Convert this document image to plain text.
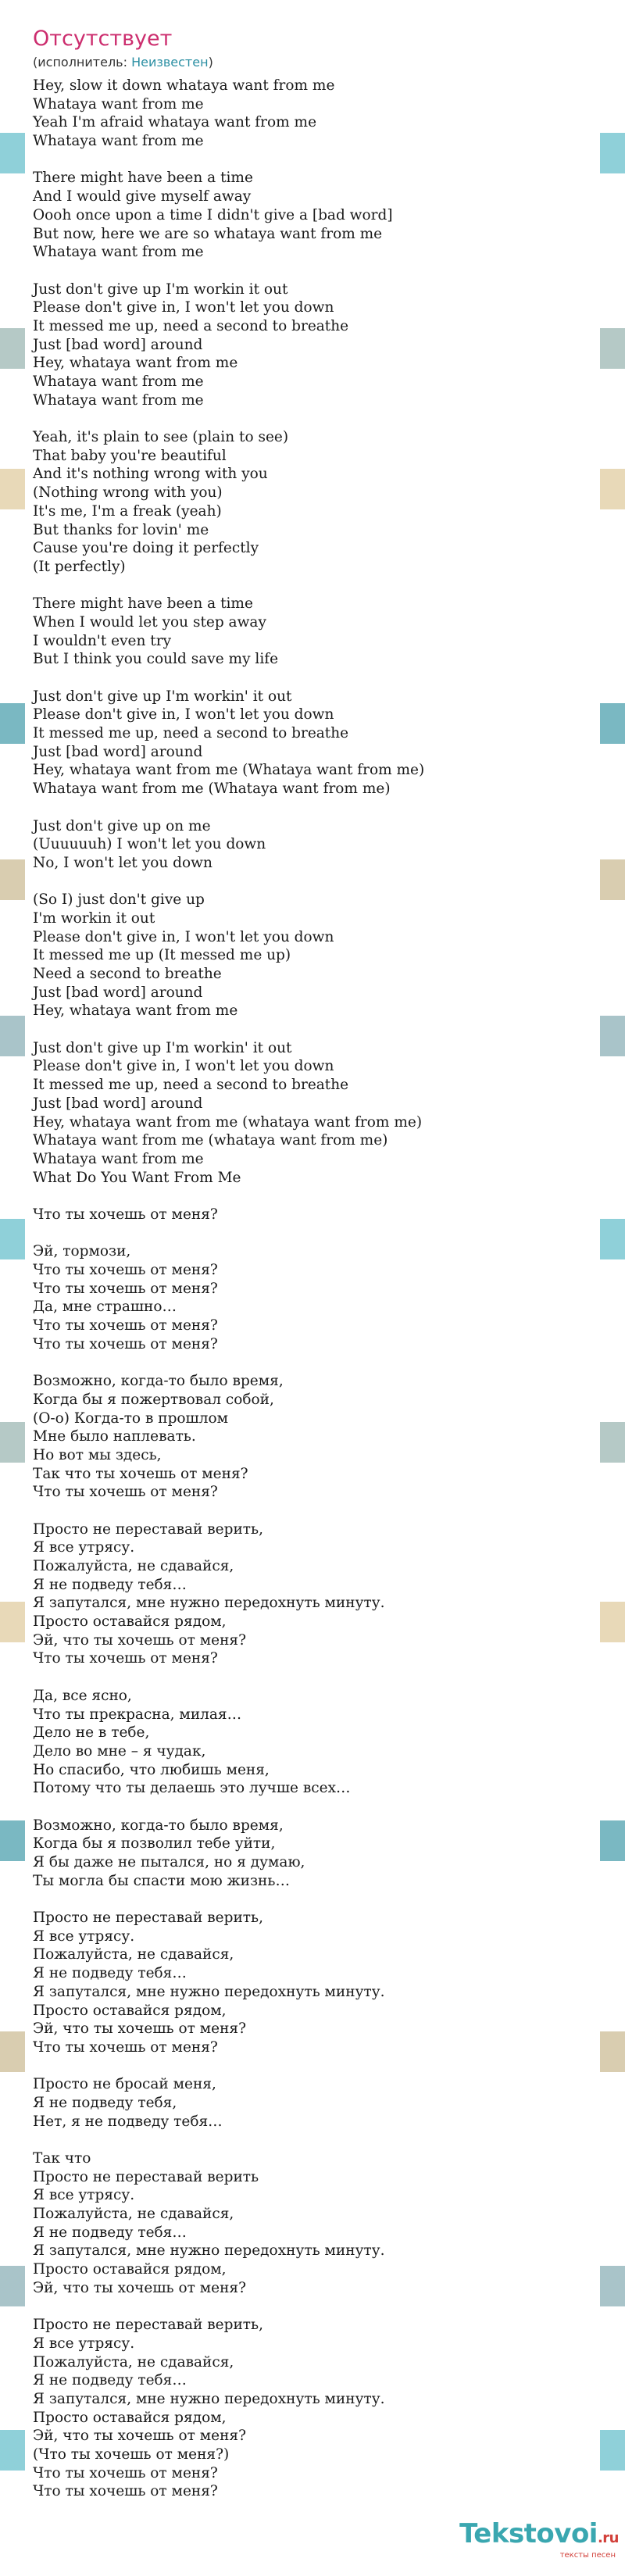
Отсутствует
(исполнитель: Неизвестен)
Hey, slow it down whataya want from me
Whataya want from me
Yeah I'm afraid whataya want from me
Whataya want from me
There might have been a time
And I would give myself away
Oooh once upon a time I didn't give a [bad word]
But now, here we are so whataya want from me
Whataya want from me
Just don't give up I'm workin it out
Please don't give in, I won't let you down
It messed me up, need a second to breathe
Just [bad word] around
Hey, whataya want from me
Whataya want from me
Whataya want from me
Yeah, it's plain to see (plain to see)
That baby you're beautiful
And it's nothing wrong with you
(Nothing wrong with you)
It's me, I'm a freak (yeah)
But thanks for lovin' me
Cause you're doing it perfectly
(It perfectly)
There might have been a time
When I would let you step away
I wouldn't even try
But I think you could save my life
Just don't give up I'm workin' it out
Please don't give in, I won't let you down
It messed me up, need a second to breathe
Just [bad word] around
Hey, whataya want from me (Whataya want from me)
Whataya want from me (Whataya want from me)
Just don't give up on me
(Uuuuuuh) I won't let you down
No, I won't let you down
(So I) just don't give up
I'm workin it out
Please don't give in, I won't let you down
It messed me up (It messed me up)
Need a second to breathe
Just [bad word] around
Hey, whataya want from me
Just don't give up I'm workin' it out
Please don't give in, I won't let you down
It messed me up, need a second to breathe
Just [bad word] around
Hey, whataya want from me (whataya want from me)
Whataya want from me (whataya want from me)
Whataya want from me
What Do You Want From Me
Что ты хочешь от меня?
Эй, тормози,
Что ты хочешь от меня?
Что ты хочешь от меня?
Да, мне страшно…
Что ты хочешь от меня?
Что ты хочешь от меня?
Возможно, когда-то было время,
Когда бы я пожертвовал собой,
(О-о) Когда-то в прошлом
Мне было наплевать.
Но вот мы здесь,
Так что ты хочешь от меня?
Что ты хочешь от меня?
Просто не переставай верить,
Я все утрясу.
Пожалуйста, не сдавайся,
Я не подведу тебя…
Я запутался, мне нужно передохнуть минуту.
Просто оставайся рядом,
Эй, что ты хочешь от меня?
Что ты хочешь от меня?
Да, все ясно,
Что ты прекрасна, милая…
Дело не в тебе,
Дело во мне – я чудак,
Но спасибо, что любишь меня,
Потому что ты делаешь это лучше всех…
Возможно, когда-то было время,
Когда бы я позволил тебе уйти,
Я бы даже не пытался, но я думаю,
Ты могла бы спасти мою жизнь…
Просто не переставай верить,
Я все утрясу.
Пожалуйста, не сдавайся,
Я не подведу тебя…
Я запутался, мне нужно передохнуть минуту.
Просто оставайся рядом,
Эй, что ты хочешь от меня?
Что ты хочешь от меня?
Просто не бросай меня,
Я не подведу тебя,
Нет, я не подведу тебя…
Так что
Просто не переставай верить
Я все утрясу.
Пожалуйста, не сдавайся,
Я не подведу тебя…
Я запутался, мне нужно передохнуть минуту.
Просто оставайся рядом,
Эй, что ты хочешь от меня?
Просто не переставай верить,
Я все утрясу.
Пожалуйста, не сдавайся,
Я не подведу тебя…
Я запутался, мне нужно передохнуть минуту.
Просто оставайся рядом,
Эй, что ты хочешь от меня?
(Что ты хочешь от меня?)
Что ты хочешь от меня?
Что ты хочешь от меня?
Tekstovoi.ru
тексты песен
